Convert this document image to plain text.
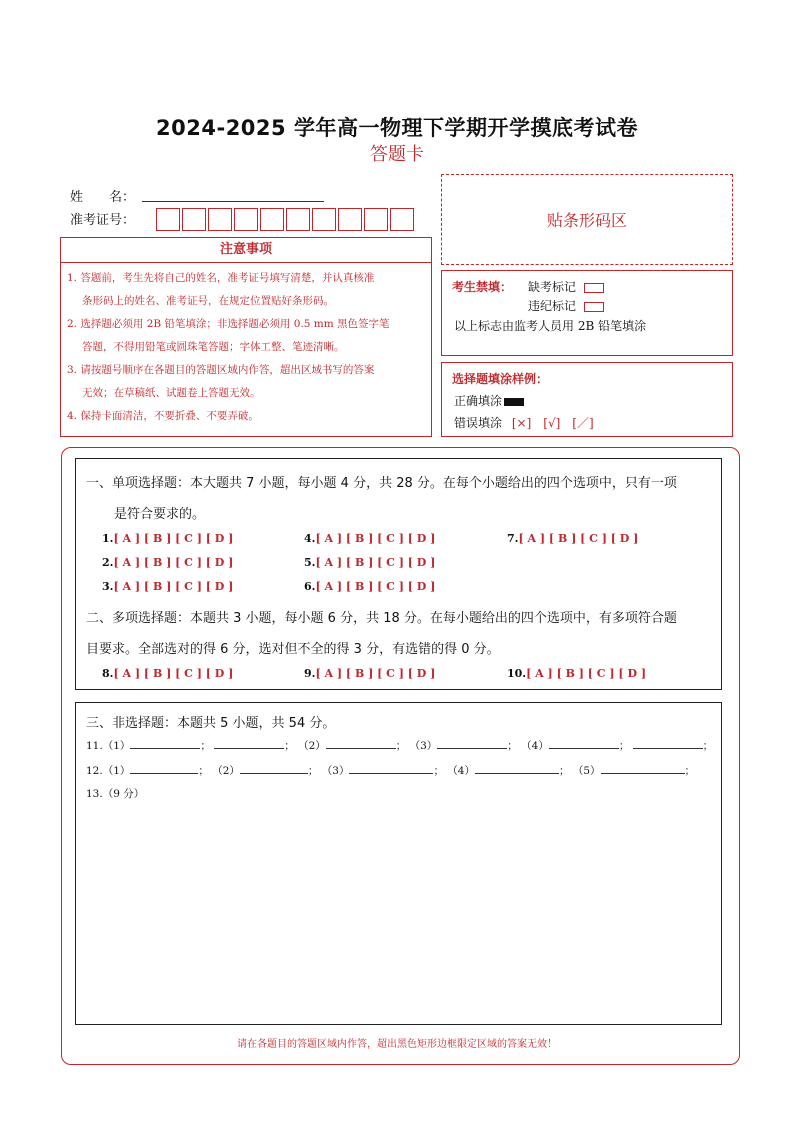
2024-2025 学年高一物理下学期开学摸底考试卷
答题卡
姓　　名：
准考证号：	贴条形码区
注意事项
1. 答题前，考生先将自己的姓名，准考证号填写清楚，并认真核准
条形码上的姓名、准考证号，在规定位置贴好条形码。
2. 选择题必须用 2B 铅笔填涂；非选择题必须用 0.5 mm 黑色签字笔
答题，不得用铅笔或圆珠笔答题；字体工整、笔迹清晰。
3. 请按题号顺序在各题目的答题区域内作答，超出区域书写的答案
无效；在草稿纸、试题卷上答题无效。
4. 保持卡面清洁，不要折叠、不要弄破。
考生禁填： 缺考标记
违纪标记
以上标志由监考人员用 2B 铅笔填涂
选择题填涂样例：
正确填涂
错误填涂 [×]　[√]　[／]
一、单项选择题：本大题共 7 小题，每小题 4 分，共 28 分。在每个小题给出的四个选项中，只有一项
是符合要求的。
1.[ A ] [ B ] [ C ] [ D ]
2.[ A ] [ B ] [ C ] [ D ]
3.[ A ] [ B ] [ C ] [ D ]
4.[ A ] [ B ] [ C ] [ D ]
5.[ A ] [ B ] [ C ] [ D ]
6.[ A ] [ B ] [ C ] [ D ]
7.[ A ] [ B ] [ C ] [ D ]
二、多项选择题：本题共 3 小题，每小题 6 分，共 18 分。在每小题给出的四个选项中，有多项符合题
目要求。全部选对的得 6 分，选对但不全的得 3 分，有选错的得 0 分。
8.[ A ] [ B ] [ C ] [ D ]	9.[ A ] [ B ] [ C ] [ D ]	10.[ A ] [ B ] [ C ] [ D ]
三、非选择题：本题共 5 小题，共 54 分。
11.（1）	；	； （2）	； （3）	； （4）	；	；
12.（1）	； （2）	； （3）	； （4）	； （5）	；
13.（9 分）
请在各题目的答题区域内作答，超出黑色矩形边框限定区域的答案无效！
